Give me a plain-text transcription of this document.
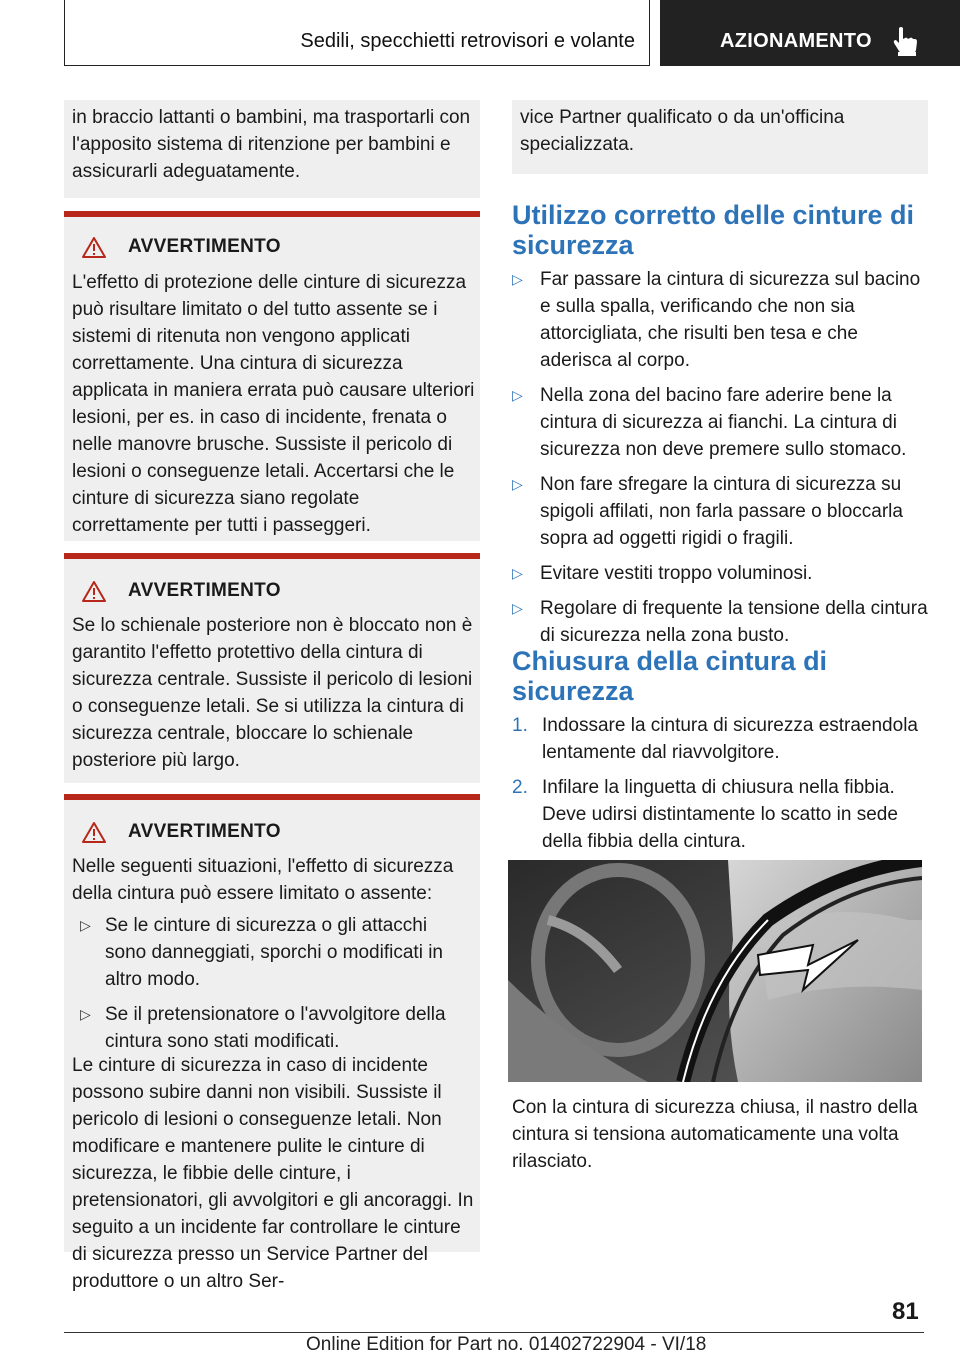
Sedili, specchietti retrovisori e volante	AZIONAMENTO
in braccio lattanti o bambini, ma trasportarli con l'apposito sistema di ritenzione per bambini e assicurarli adeguatamente.
AVVERTIMENTO
L'effetto di protezione delle cinture di sicurezza può risultare limitato o del tutto assente se i sistemi di ritenuta non vengono applicati correttamente. Una cintura di sicurezza applicata in maniera errata può causare ulteriori lesioni, per es. in caso di incidente, frenata o nelle manovre brusche. Sussiste il pericolo di lesioni o conseguenze letali. Accertarsi che le cinture di sicurezza siano regolate correttamente per tutti i passeggeri.
AVVERTIMENTO
Se lo schienale posteriore non è bloccato non è garantito l'effetto protettivo della cintura di sicurezza centrale. Sussiste il pericolo di lesioni o conseguenze letali. Se si utilizza la cintura di sicurezza centrale, bloccare lo schienale posteriore più largo.
AVVERTIMENTO
Nelle seguenti situazioni, l'effetto di sicurezza della cintura può essere limitato o assente:
▷ Se le cinture di sicurezza o gli attacchi sono danneggiati, sporchi o modificati in altro modo.
▷ Se il pretensionatore o l'avvolgitore della cintura sono stati modificati.
Le cinture di sicurezza in caso di incidente possono subire danni non visibili. Sussiste il pericolo di lesioni o conseguenze letali. Non modificare e mantenere pulite le cinture di sicurezza, le fibbie delle cinture, i pretensionatori, gli avvolgitori e gli ancoraggi. In seguito a un incidente far controllare le cinture di sicurezza presso un Service Partner del produttore o un altro Ser-
vice Partner qualificato o da un'officina specializzata.
Utilizzo corretto delle cinture di sicurezza
▷ Far passare la cintura di sicurezza sul bacino e sulla spalla, verificando che non sia attorcigliata, che risulti ben tesa e che aderisca al corpo.
▷ Nella zona del bacino fare aderire bene la cintura di sicurezza ai fianchi. La cintura di sicurezza non deve premere sullo stomaco.
▷ Non fare sfregare la cintura di sicurezza su spigoli affilati, non farla passare o bloccarla sopra ad oggetti rigidi o fragili.
▷ Evitare vestiti troppo voluminosi.
▷ Regolare di frequente la tensione della cintura di sicurezza nella zona busto.
Chiusura della cintura di sicurezza
1. Indossare la cintura di sicurezza estraendola lentamente dal riavvolgitore.
2. Infilare la linguetta di chiusura nella fibbia. Deve udirsi distintamente lo scatto in sede della fibbia della cintura.
Con la cintura di sicurezza chiusa, il nastro della cintura si tensiona automaticamente una volta rilasciato.
81
Online Edition for Part no. 01402722904 - VI/18
